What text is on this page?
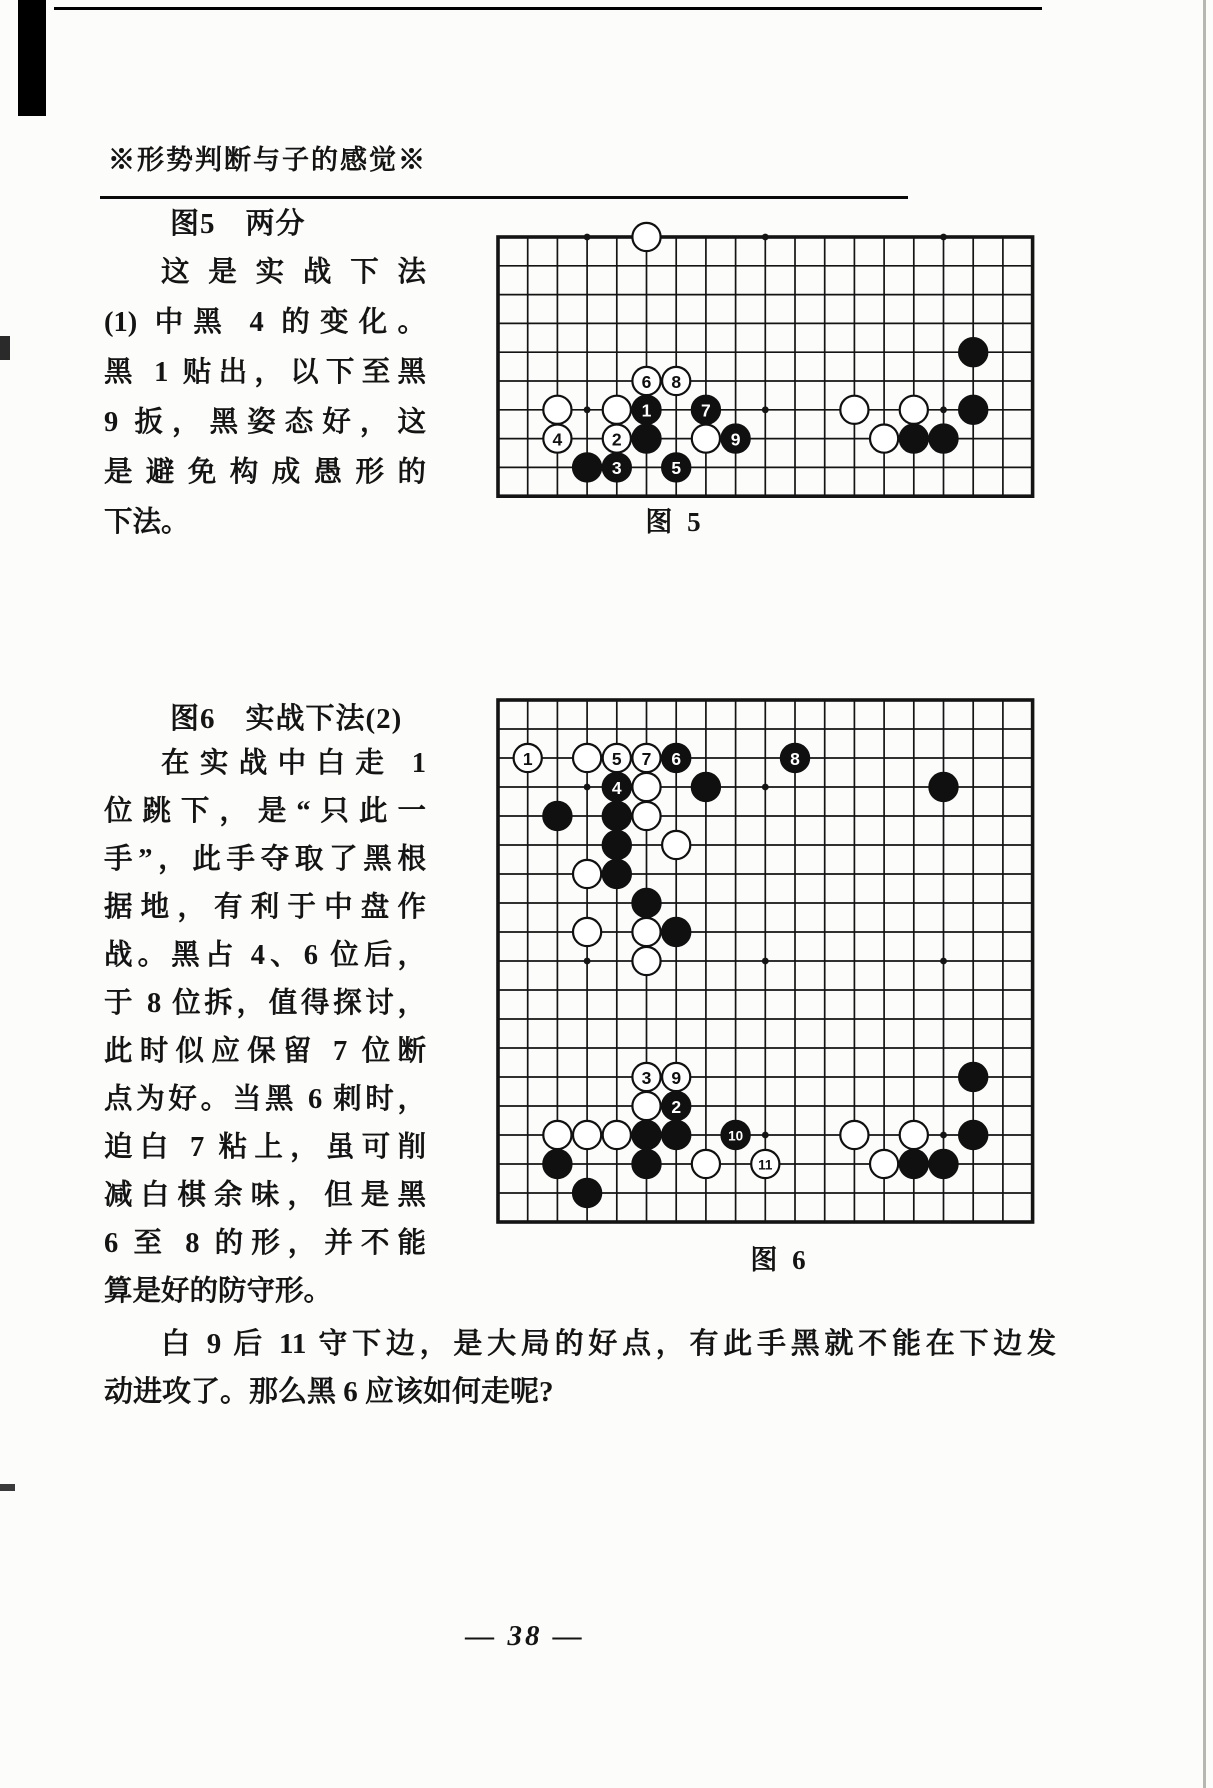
※形势判断与子的感觉※
图5　两分
这是实战下法
(1) 中黑 4 的变化。
黑 1 贴出，以下至黑
9 扳，黑姿态好，这
是避免构成愚形的
下法。
2
4
6 8
1
3	5
7
9
图 5
图6　实战下法(2)
在实战中白走 1
位跳下，是“只此一
手”，此手夺取了黑根
据地，有利于中盘作
战。黑占 4、6 位后，
于 8 位拆，值得探讨，
此时似应保留 7 位断
点为好。当黑 6 刺时，
迫白 7 粘上，虽可削
减白棋余味，但是黑
6 至 8 的形，并不能
算是好的防守形。
1	5 7
3 9
11
6
4
8
2
10
图 6
白 9 后 11 守下边，是大局的好点，有此手黑就不能在下边发
动进攻了。那么黑 6 应该如何走呢?
— 38 —
